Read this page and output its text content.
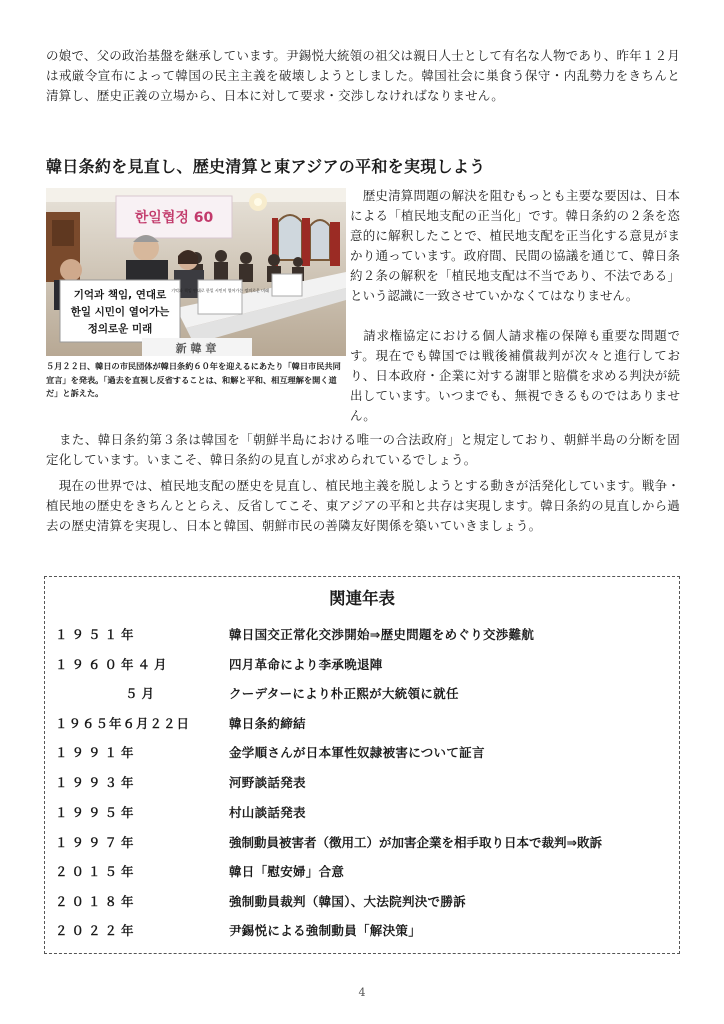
の娘で、父の政治基盤を継承しています。尹錫悦大統領の祖父は親日人士として有名な人物であり、昨年１２月は戒厳令宣布によって韓国の民主主義を破壊しようとしました。韓国社会に巣食う保守・内乱勢力をきちんと清算し、歴史正義の立場から、日本に対して要求・交渉しなければなりません。

韓日条約を見直し、歴史清算と東アジアの平和を実現しよう
한일협정 60
기억과 책임, 연대로
한일 시민이 열어가는
정의로운 미래
기억과 책임 연대로 한일 시민이 열어가는 정의로운 미래
新 韓 章

５月２２日、韓日の市民団体が韓日条約６０年を迎えるにあたり「韓日市民共同宣言」を発表。「過去を直視し反省することは、和解と平和、相互理解を開く道だ」と訴えた。

　歴史清算問題の解決を阻むもっとも主要な要因は、日本による「植民地支配の正当化」です。韓日条約の２条を恣意的に解釈したことで、植民地支配を正当化する意見がまかり通っています。政府間、民間の協議を通じて、韓日条約２条の解釈を「植民地支配は不当であり、不法である」という認識に一致させていかなくてはなりません。

　請求権協定における個人請求権の保障も重要な問題です。現在でも韓国では戦後補償裁判が次々と進行しており、日本政府・企業に対する謝罪と賠償を求める判決が続出しています。いつまでも、無視できるものではありません。

　また、韓日条約第３条は韓国を「朝鮮半島における唯一の合法政府」と規定しており、朝鮮半島の分断を固定化しています。いまこそ、韓日条約の見直しが求められているでしょう。

　現在の世界では、植民地支配の歴史を見直し、植民地主義を脱しようとする動きが活発化しています。戦争・植民地の歴史をきちんととらえ、反省してこそ、東アジアの平和と共存は実現します。韓日条約の見直しから過去の歴史清算を実現し、日本と韓国、朝鮮市民の善隣友好関係を築いていきましょう。

関連年表
１９５１年	韓日国交正常化交渉開始⇒歴史問題をめぐり交渉難航
１９６０年４月	四月革命により李承晩退陣
５月	クーデターにより朴正熙が大統領に就任
１９６５年６月２２日	韓日条約締結
１９９１年	金学順さんが日本軍性奴隷被害について証言
１９９３年	河野談話発表
１９９５年	村山談話発表
１９９７年	強制動員被害者（徴用工）が加害企業を相手取り日本で裁判⇒敗訴
２０１５年	韓日「慰安婦」合意
２０１８年	強制動員裁判（韓国）、大法院判決で勝訴
２０２２年	尹錫悦による強制動員「解決策」
4
